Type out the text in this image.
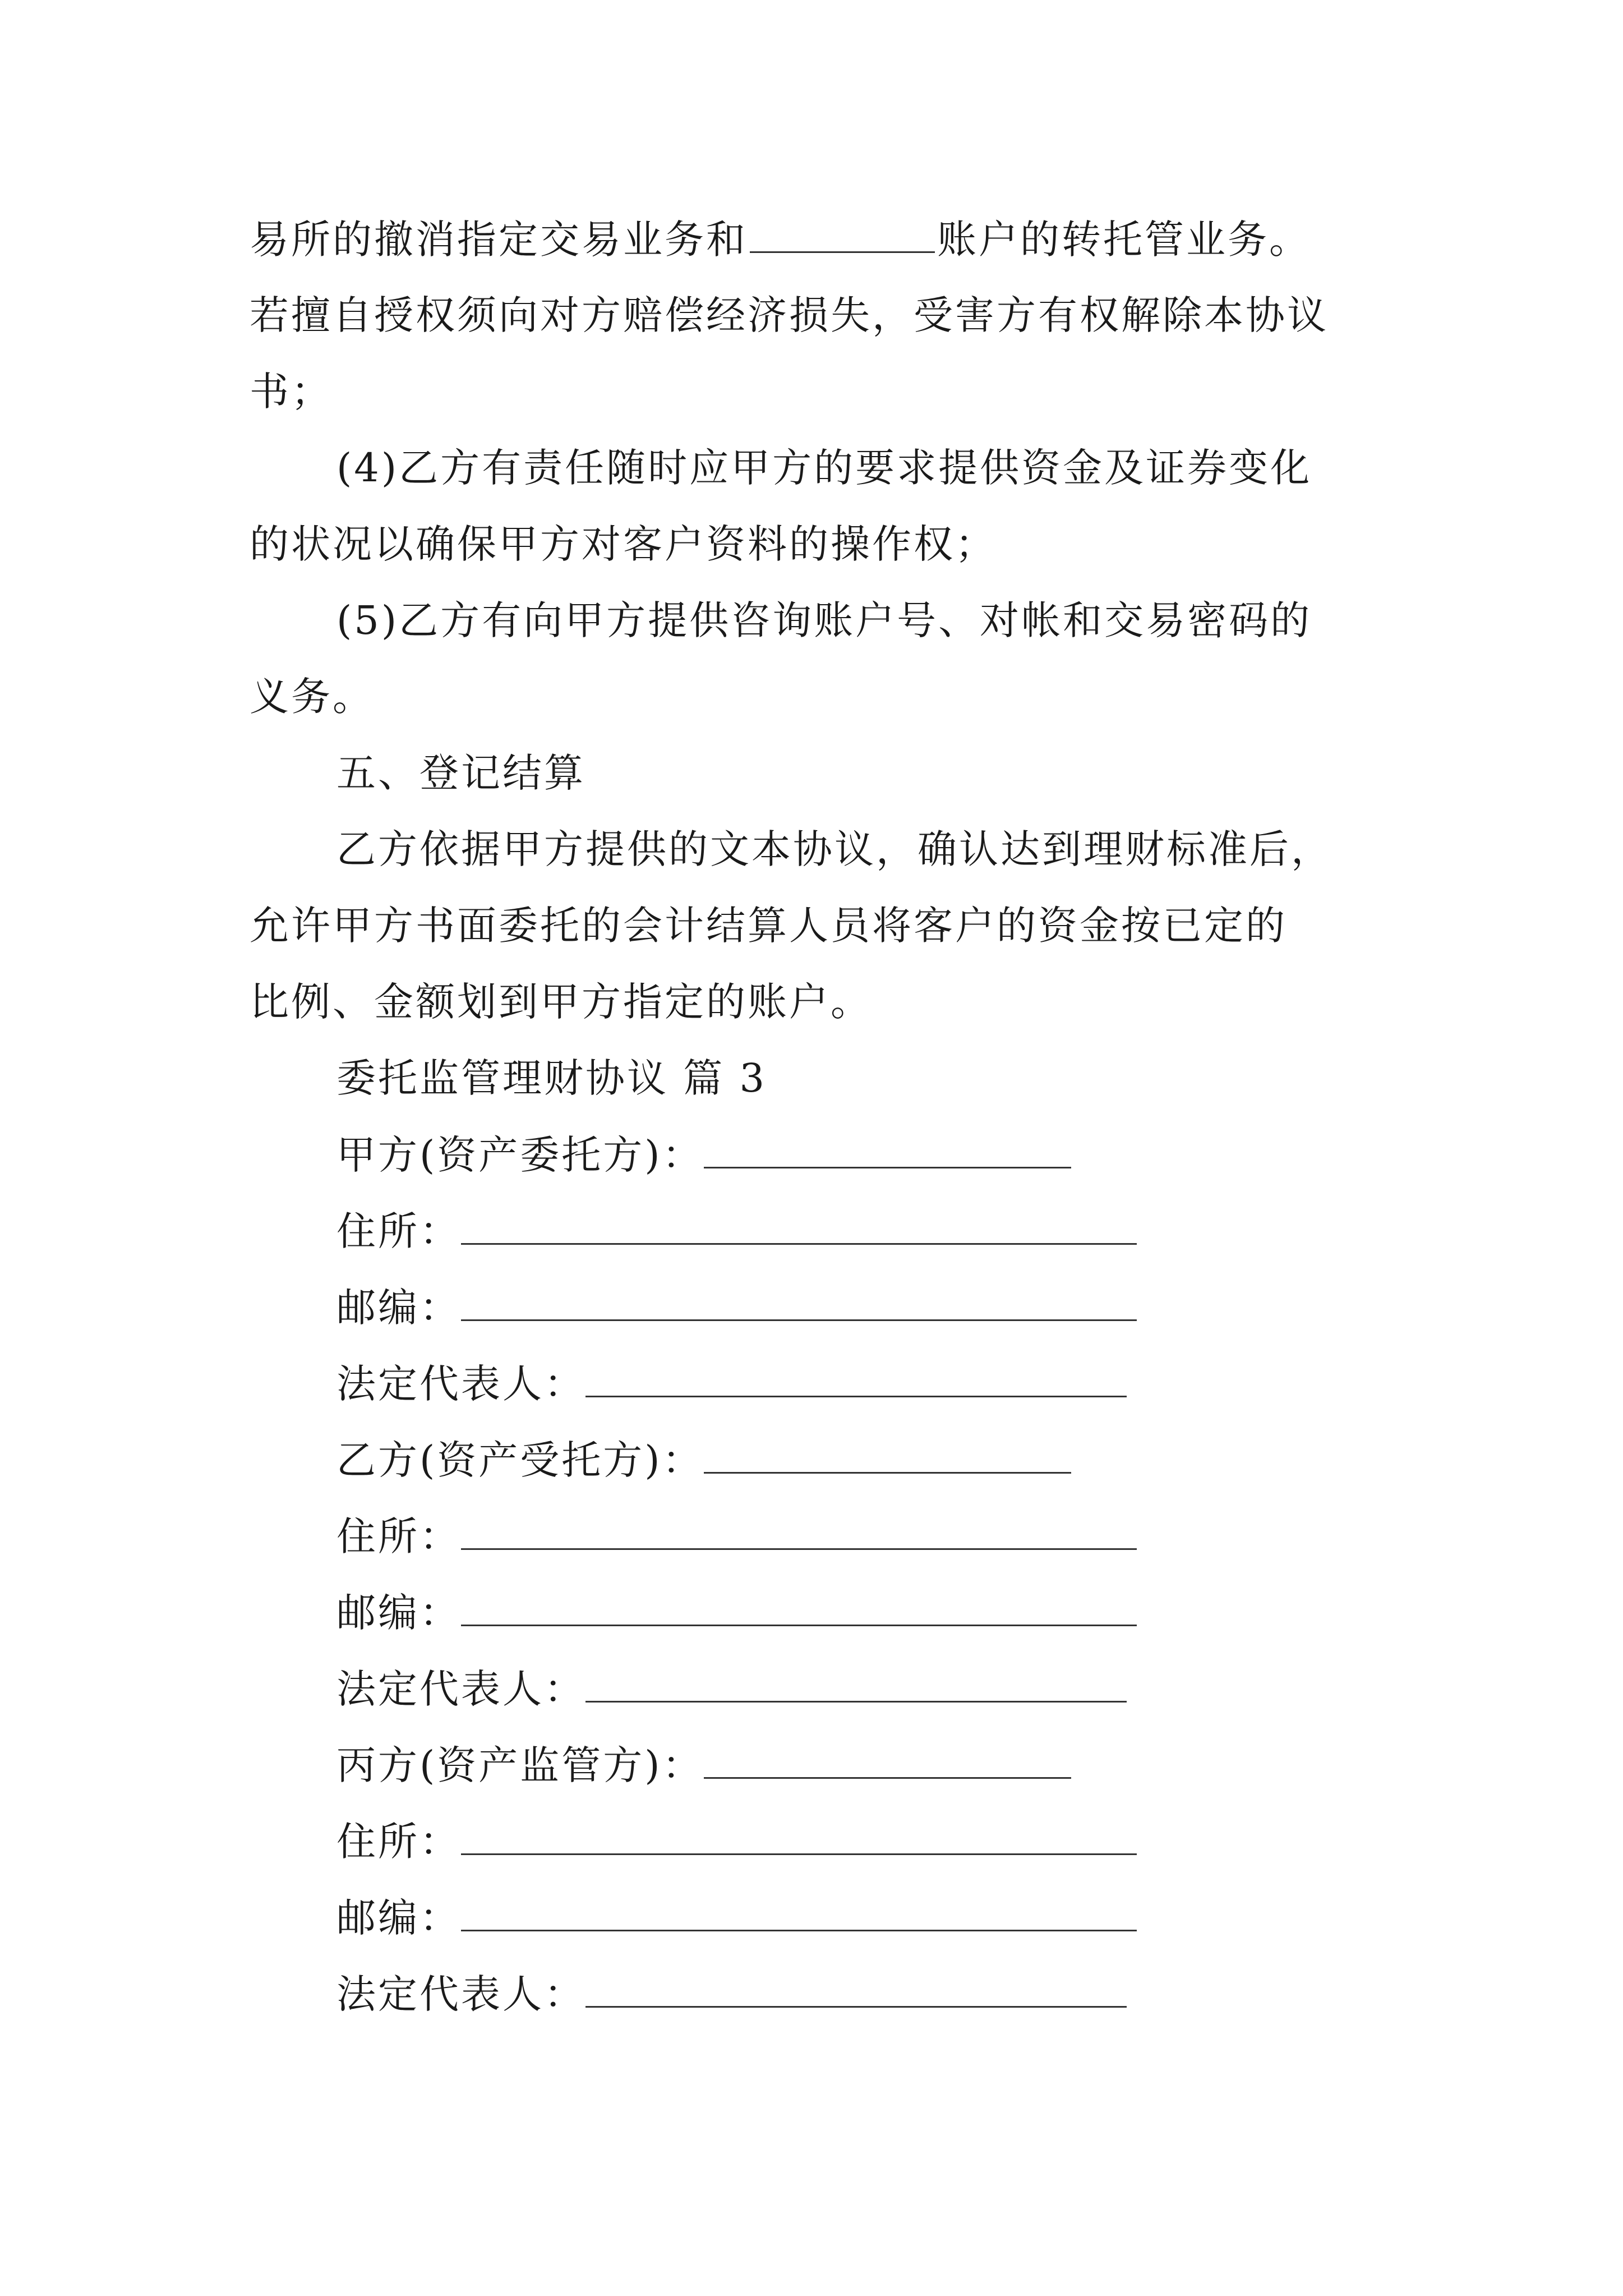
易所的撤消指定交易业务和	账户的转托管业务。
若擅自授权须向对方赔偿经济损失，受害方有权解除本协议
书；
(4)乙方有责任随时应甲方的要求提供资金及证券变化
的状况以确保甲方对客户资料的操作权；
(5)乙方有向甲方提供咨询账户号、对帐和交易密码的
义务。
五、登记结算
乙方依据甲方提供的文本协议，确认达到理财标准后，
允许甲方书面委托的会计结算人员将客户的资金按已定的
比例、金额划到甲方指定的账户。
委托监管理财协议 篇 3
甲方(资产委托方)：
住所：
邮编：
法定代表人：
乙方(资产受托方)：
住所：
邮编：
法定代表人：
丙方(资产监管方)：
住所：
邮编：
法定代表人：
